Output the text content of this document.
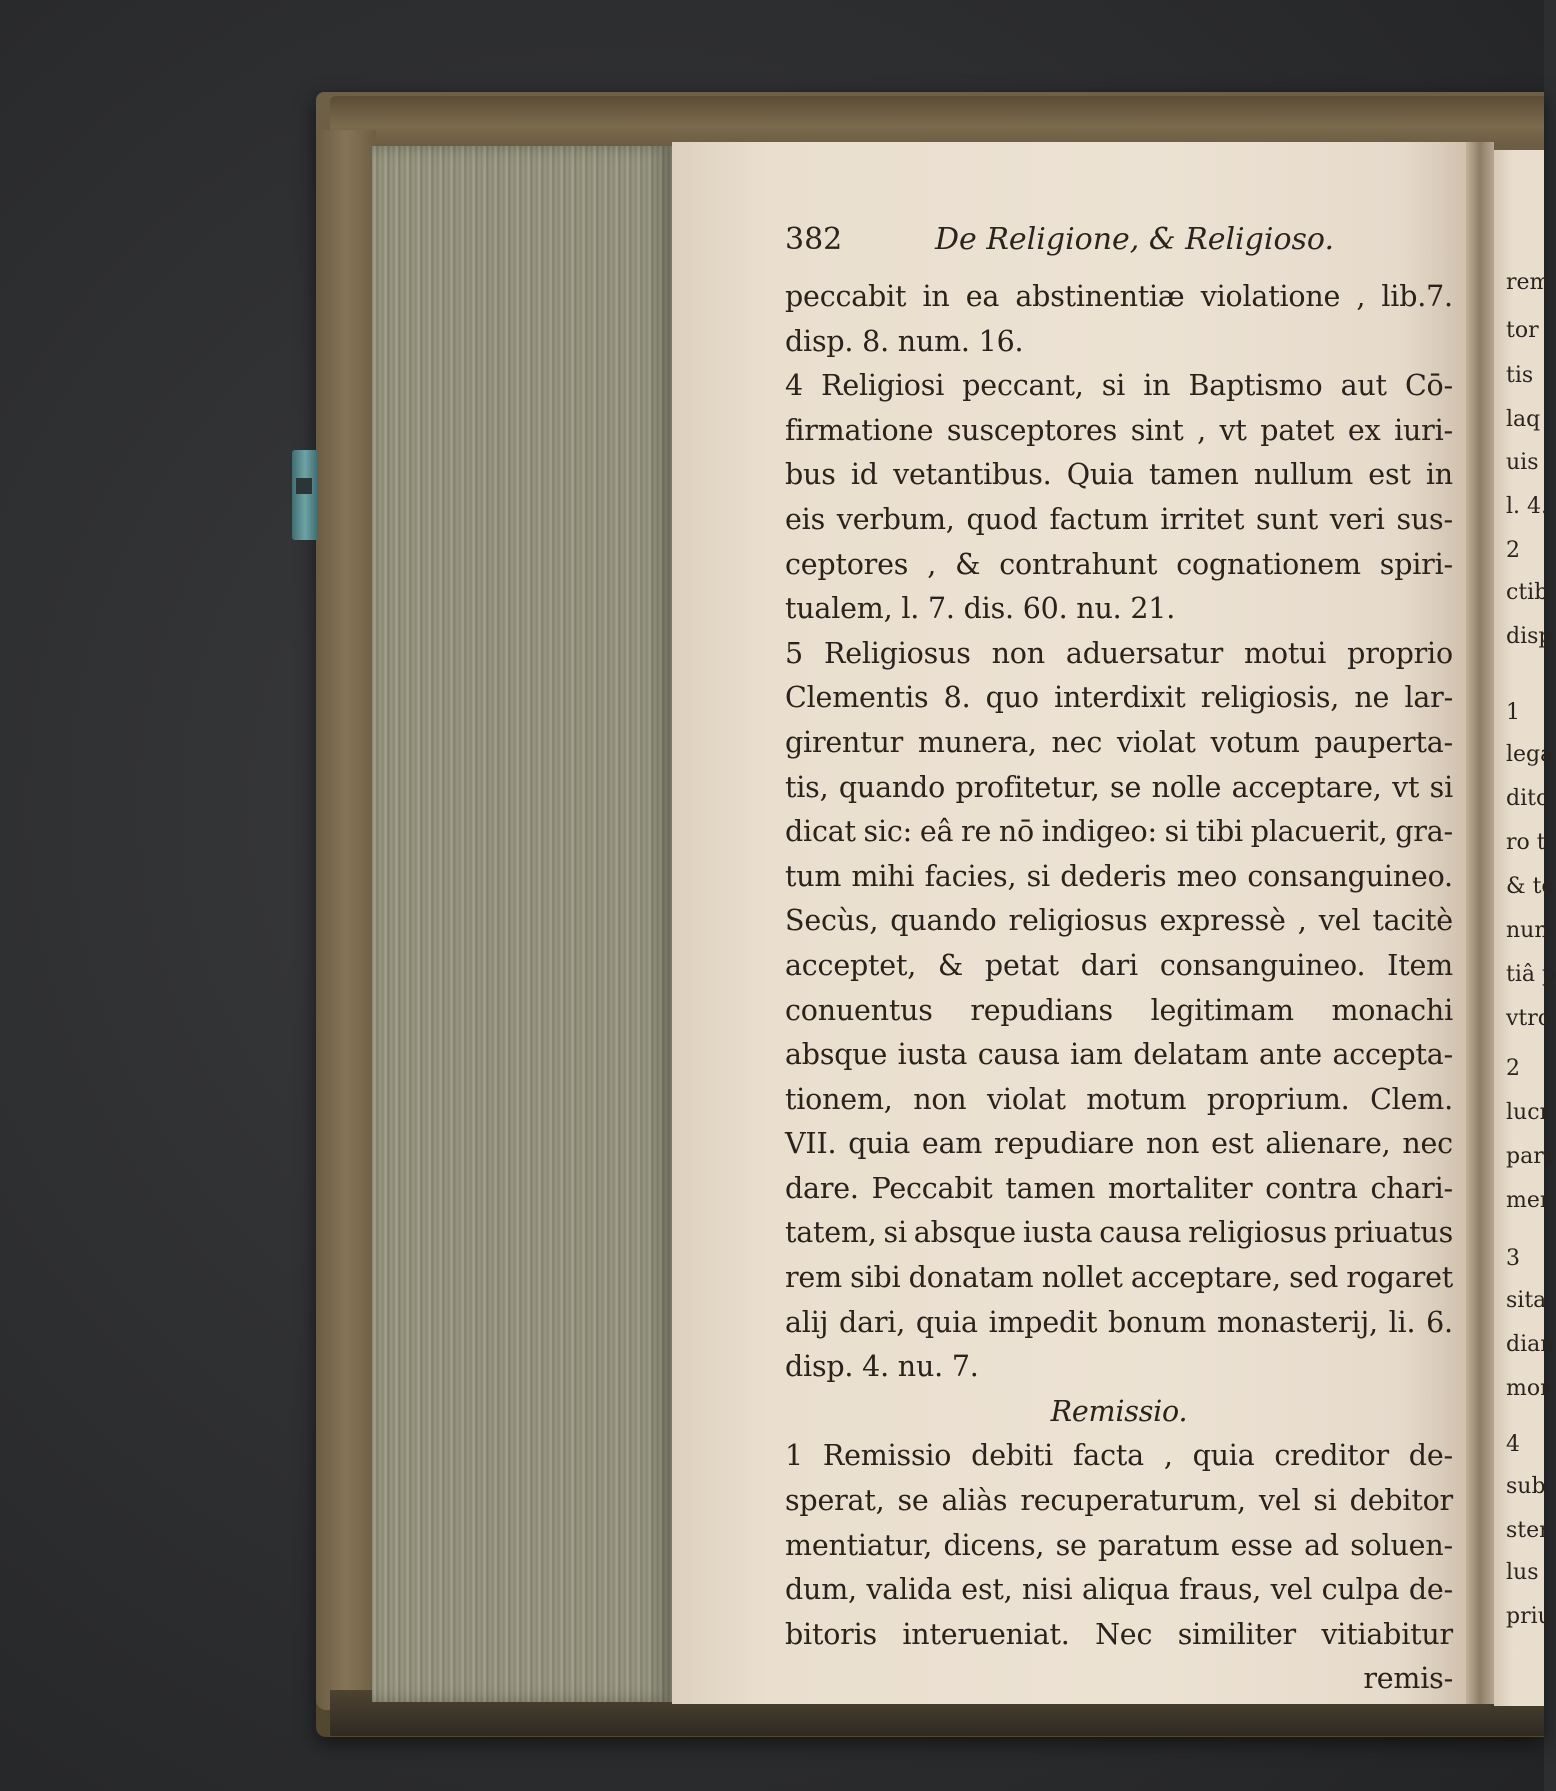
382	De Religione, & Religioso.
peccabit in ea abstinentiæ violatione , lib.7.
disp. 8. num. 16.
4 Religiosi peccant, si in Baptismo aut Cō-
firmatione susceptores sint , vt patet ex iuri-
bus id vetantibus. Quia tamen nullum est in
eis verbum, quod factum irritet sunt veri sus-
ceptores , & contrahunt cognationem spiri-
tualem, l. 7. dis. 60. nu. 21.
5 Religiosus non aduersatur motui proprio
Clementis 8. quo interdixit religiosis, ne lar-
girentur munera, nec violat votum pauperta-
tis, quando profitetur, se nolle acceptare, vt si
dicat sic: eâ re nō indigeo: si tibi placuerit, gra-
tum mihi facies, si dederis meo consanguineo.
Secùs, quando religiosus expressè , vel tacitè
acceptet, & petat dari consanguineo. Item
conuentus repudians legitimam monachi
absque iusta causa iam delatam ante accepta-
tionem, non violat motum proprium. Clem.
VII. quia eam repudiare non est alienare, nec
dare. Peccabit tamen mortaliter contra chari-
tatem, si absque iusta causa religiosus priuatus
rem sibi donatam nollet acceptare, sed rogaret
alij dari, quia impedit bonum monasterij, li. 6.
disp. 4. nu. 7.
Remissio.
1 Remissio debiti facta , quia creditor de-
sperat, se aliàs recuperaturum, vel si debitor
mentiatur, dicens, se paratum esse ad soluen-
dum, valida est, nisi aliqua fraus, vel culpa de-
bitoris interueniat. Nec similiter vitiabitur
remis-
rem
tor
tis
laq
uis
l. 4.
2
ctib
disp
1
lega
dito
ro t
& te
nun
tiâ p
vtro
2
lucr
part
mer
3
sita
dian
mor
4
sub
ster
lus
priu
